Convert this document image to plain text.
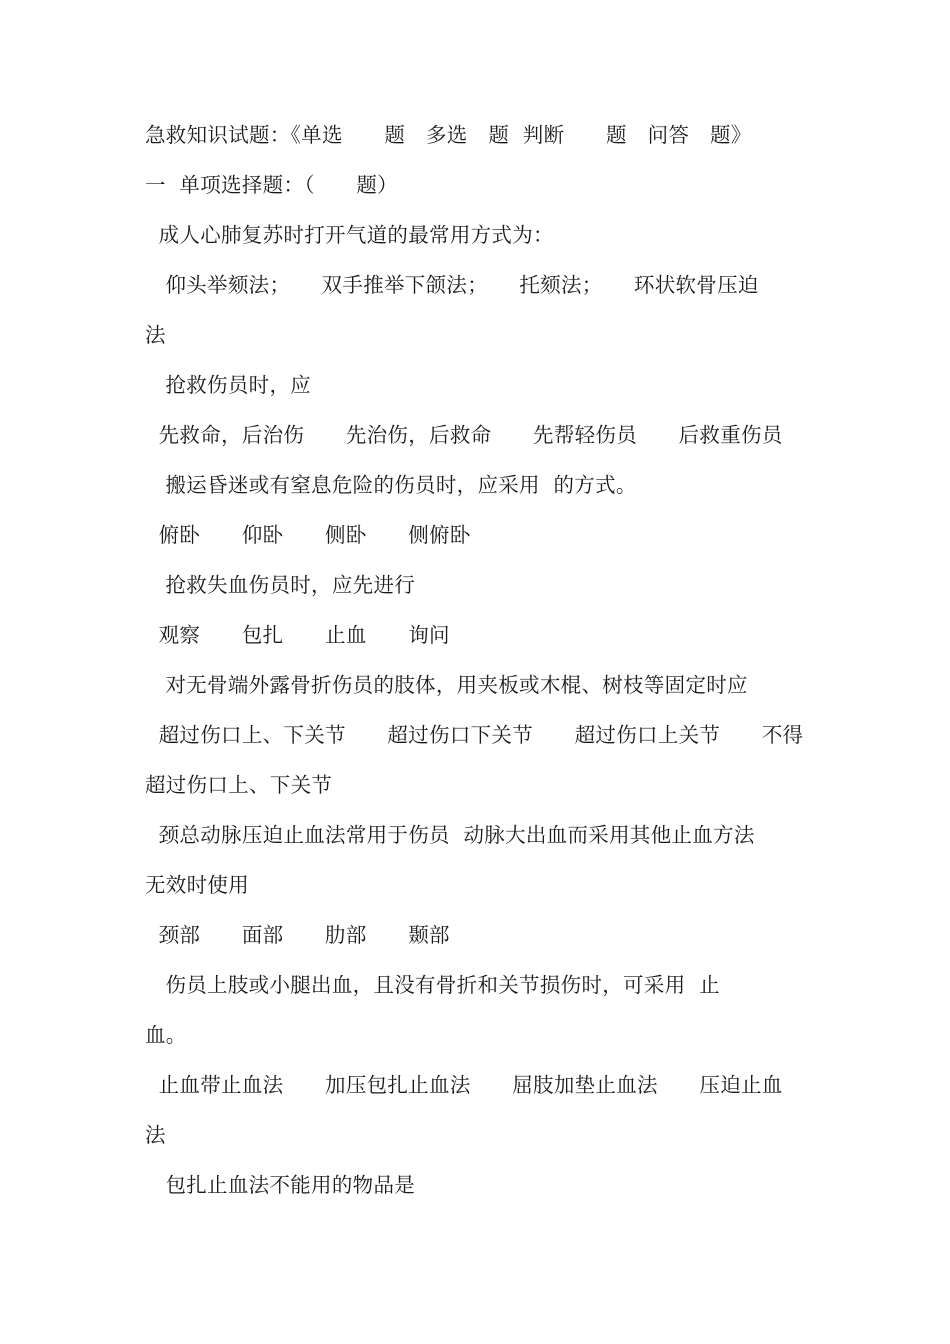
急救知识试题：《单选　　题　多选　题  判断　　题　问答　题》
一  单项选择题：（　　题）
成人心肺复苏时打开气道的最常用方式为：
仰头举颏法；　　双手推举下颌法；　　托颏法；　　环状软骨压迫
法
抢救伤员时，应
先救命，后治伤　　先治伤，后救命　　先帮轻伤员　　后救重伤员
搬运昏迷或有窒息危险的伤员时，应采用  的方式。
俯卧　　仰卧　　侧卧　　侧俯卧
抢救失血伤员时，应先进行
观察　　包扎　　止血　　询问
对无骨端外露骨折伤员的肢体，用夹板或木棍、树枝等固定时应
超过伤口上、下关节　　超过伤口下关节　　超过伤口上关节　　不得
超过伤口上、下关节
颈总动脉压迫止血法常用于伤员  动脉大出血而采用其他止血方法
无效时使用
颈部　　面部　　肋部　　颞部
伤员上肢或小腿出血，且没有骨折和关节损伤时，可采用  止
血。
止血带止血法　　加压包扎止血法　　屈肢加垫止血法　　压迫止血
法
包扎止血法不能用的物品是
